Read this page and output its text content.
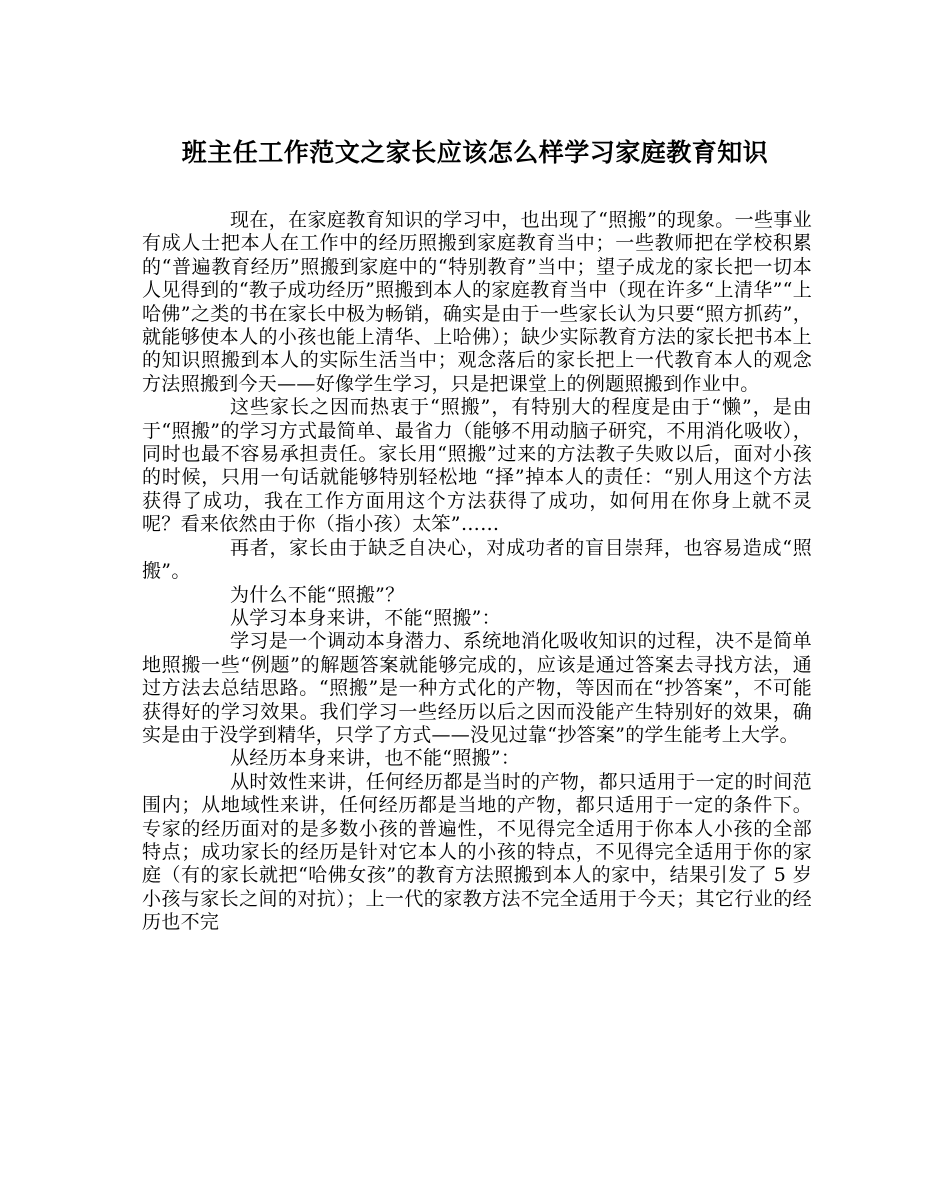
班主任工作范文之家长应该怎么样学习家庭教育知识

现在，在家庭教育知识的学习中，也出现了“照搬”的现象。一些事业有成人士把本人在工作中的经历照搬到家庭教育当中；一些教师把在学校积累的“普遍教育经历”照搬到家庭中的“特别教育”当中；望子成龙的家长把一切本人见得到的“教子成功经历”照搬到本人的家庭教育当中（现在许多“上清华”“上哈佛”之类的书在家长中极为畅销，确实是由于一些家长认为只要“照方抓药”，就能够使本人的小孩也能上清华、上哈佛）；缺少实际教育方法的家长把书本上的知识照搬到本人的实际生活当中；观念落后的家长把上一代教育本人的观念方法照搬到今天——好像学生学习，只是把课堂上的例题照搬到作业中。

这些家长之因而热衷于“照搬”，有特别大的程度是由于“懒”，是由于“照搬”的学习方式最简单、最省力（能够不用动脑子研究，不用消化吸收），同时也最不容易承担责任。家长用“照搬”过来的方法教子失败以后，面对小孩的时候，只用一句话就能够特别轻松地 “择”掉本人的责任：“别人用这个方法获得了成功，我在工作方面用这个方法获得了成功，如何用在你身上就不灵呢？看来依然由于你（指小孩）太笨”……

再者，家长由于缺乏自决心，对成功者的盲目崇拜，也容易造成“照搬”。

为什么不能“照搬”？

从学习本身来讲，不能“照搬”：

学习是一个调动本身潜力、系统地消化吸收知识的过程，决不是简单地照搬一些“例题”的解题答案就能够完成的，应该是通过答案去寻找方法，通过方法去总结思路。“照搬”是一种方式化的产物，等因而在“抄答案”，不可能获得好的学习效果。我们学习一些经历以后之因而没能产生特别好的效果，确实是由于没学到精华，只学了方式——没见过靠“抄答案”的学生能考上大学。

从经历本身来讲，也不能“照搬”：

从时效性来讲，任何经历都是当时的产物，都只适用于一定的时间范围内；从地域性来讲，任何经历都是当地的产物，都只适用于一定的条件下。专家的经历面对的是多数小孩的普遍性，不见得完全适用于你本人小孩的全部特点；成功家长的经历是针对它本人的小孩的特点，不见得完全适用于你的家庭（有的家长就把“哈佛女孩”的教育方法照搬到本人的家中，结果引发了 5 岁小孩与家长之间的对抗）；上一代的家教方法不完全适用于今天；其它行业的经历也不完
